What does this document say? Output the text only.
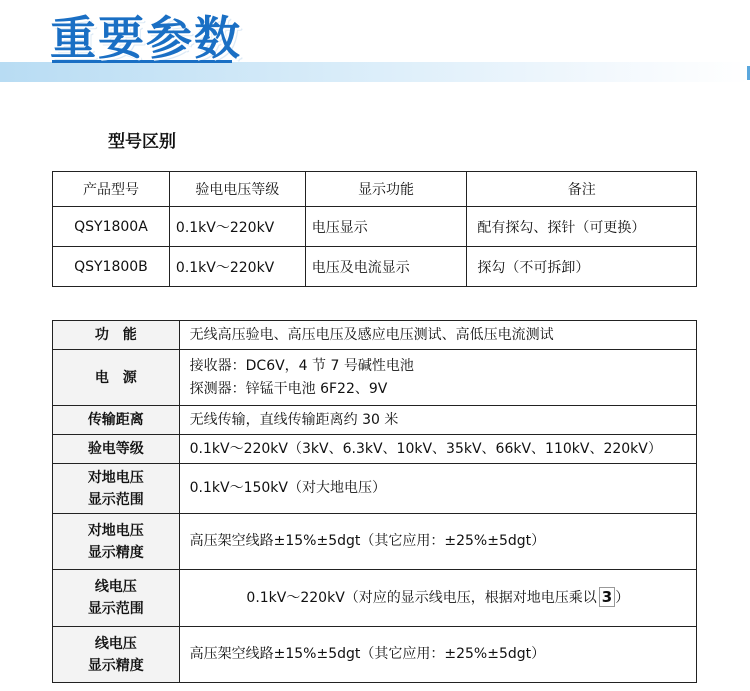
重要参数
型号区别
产品型号	验电电压等级	显示功能	备注
QSY1800A	0.1kV～220kV	电压显示	配有探勾、探针（可更换）
QSY1800B	0.1kV～220kV	电压及电流显示	探勾（不可拆卸）
功　能	无线高压验电、高压电压及感应电压测试、高低压电流测试
电　源	接收器：DC6V，4 节 7 号碱性电池
探测器：锌锰干电池 6F22、9V

传输距离	无线传输，直线传输距离约 30 米
验电等级	0.1kV～220kV（3kV、6.3kV、10kV、35kV、66kV、110kV、220kV）

对地电压
显示范围	0.1kV～150kV（对大地电压）

对地电压
显示精度	高压架空线路±15%±5dgt（其它应用：±25%±5dgt）

线电压
显示范围	0.1kV～220kV（对应的显示线电压，根据对地电压乘以 3 ）

线电压
显示精度	高压架空线路±15%±5dgt（其它应用：±25%±5dgt）
